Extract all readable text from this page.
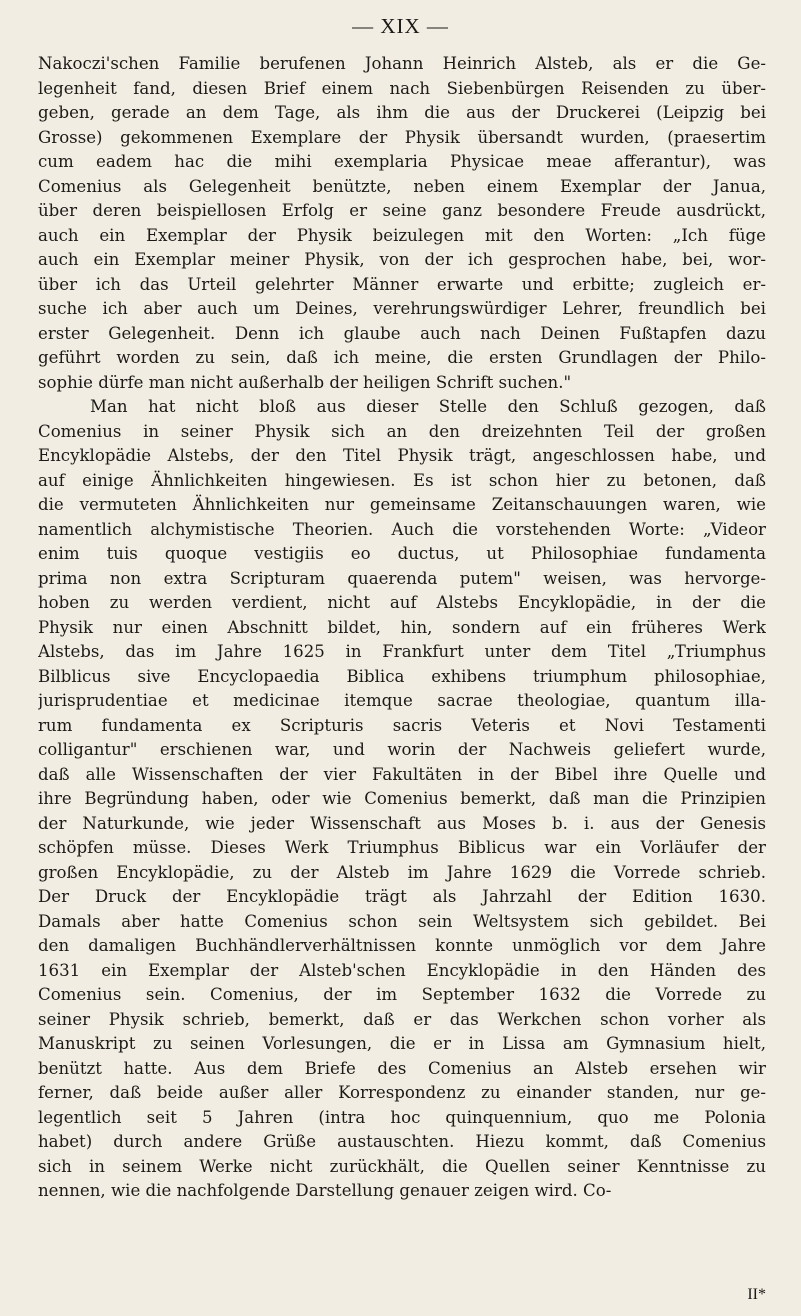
— XIX —
Nakoczi'schen Familie berufenen Johann Heinrich Alsteb, als er die Ge-
legenheit fand, diesen Brief einem nach Siebenbürgen Reisenden zu über-
geben, gerade an dem Tage, als ihm die aus der Druckerei (Leipzig bei
Grosse) gekommenen Exemplare der Physik übersandt wurden, (praesertim
cum eadem hac die mihi exemplaria Physicae meae afferantur), was
Comenius als Gelegenheit benützte, neben einem Exemplar der Janua,
über deren beispiellosen Erfolg er seine ganz besondere Freude ausdrückt,
auch ein Exemplar der Physik beizulegen mit den Worten: „Ich füge
auch ein Exemplar meiner Physik, von der ich gesprochen habe, bei, wor-
über ich das Urteil gelehrter Männer erwarte und erbitte; zugleich er-
suche ich aber auch um Deines, verehrungswürdiger Lehrer, freundlich bei
erster Gelegenheit. Denn ich glaube auch nach Deinen Fußtapfen dazu
geführt worden zu sein, daß ich meine, die ersten Grundlagen der Philo-
sophie dürfe man nicht außerhalb der heiligen Schrift suchen."
Man hat nicht bloß aus dieser Stelle den Schluß gezogen, daß
Comenius in seiner Physik sich an den dreizehnten Teil der großen
Encyklopädie Alstebs, der den Titel Physik trägt, angeschlossen habe, und
auf einige Ähnlichkeiten hingewiesen. Es ist schon hier zu betonen, daß
die vermuteten Ähnlichkeiten nur gemeinsame Zeitanschauungen waren, wie
namentlich alchymistische Theorien. Auch die vorstehenden Worte: „Videor
enim tuis quoque vestigiis eo ductus, ut Philosophiae fundamenta
prima non extra Scripturam quaerenda putem" weisen, was hervorge-
hoben zu werden verdient, nicht auf Alstebs Encyklopädie, in der die
Physik nur einen Abschnitt bildet, hin, sondern auf ein früheres Werk
Alstebs, das im Jahre 1625 in Frankfurt unter dem Titel „Triumphus
Bilblicus sive Encyclopaedia Biblica exhibens triumphum philosophiae,
jurisprudentiae et medicinae itemque sacrae theologiae, quantum illa-
rum fundamenta ex Scripturis sacris Veteris et Novi Testamenti
colligantur" erschienen war, und worin der Nachweis geliefert wurde,
daß alle Wissenschaften der vier Fakultäten in der Bibel ihre Quelle und
ihre Begründung haben, oder wie Comenius bemerkt, daß man die Prinzipien
der Naturkunde, wie jeder Wissenschaft aus Moses b. i. aus der Genesis
schöpfen müsse. Dieses Werk Triumphus Biblicus war ein Vorläufer der
großen Encyklopädie, zu der Alsteb im Jahre 1629 die Vorrede schrieb.
Der Druck der Encyklopädie trägt als Jahrzahl der Edition 1630.
Damals aber hatte Comenius schon sein Weltsystem sich gebildet. Bei
den damaligen Buchhändlerverhältnissen konnte unmöglich vor dem Jahre
1631 ein Exemplar der Alsteb'schen Encyklopädie in den Händen des
Comenius sein. Comenius, der im September 1632 die Vorrede zu
seiner Physik schrieb, bemerkt, daß er das Werkchen schon vorher als
Manuskript zu seinen Vorlesungen, die er in Lissa am Gymnasium hielt,
benützt hatte. Aus dem Briefe des Comenius an Alsteb ersehen wir
ferner, daß beide außer aller Korrespondenz zu einander standen, nur ge-
legentlich seit 5 Jahren (intra hoc quinquennium, quo me Polonia
habet) durch andere Grüße austauschten. Hiezu kommt, daß Comenius
sich in seinem Werke nicht zurückhält, die Quellen seiner Kenntnisse zu
nennen, wie die nachfolgende Darstellung genauer zeigen wird. Co-
II*
